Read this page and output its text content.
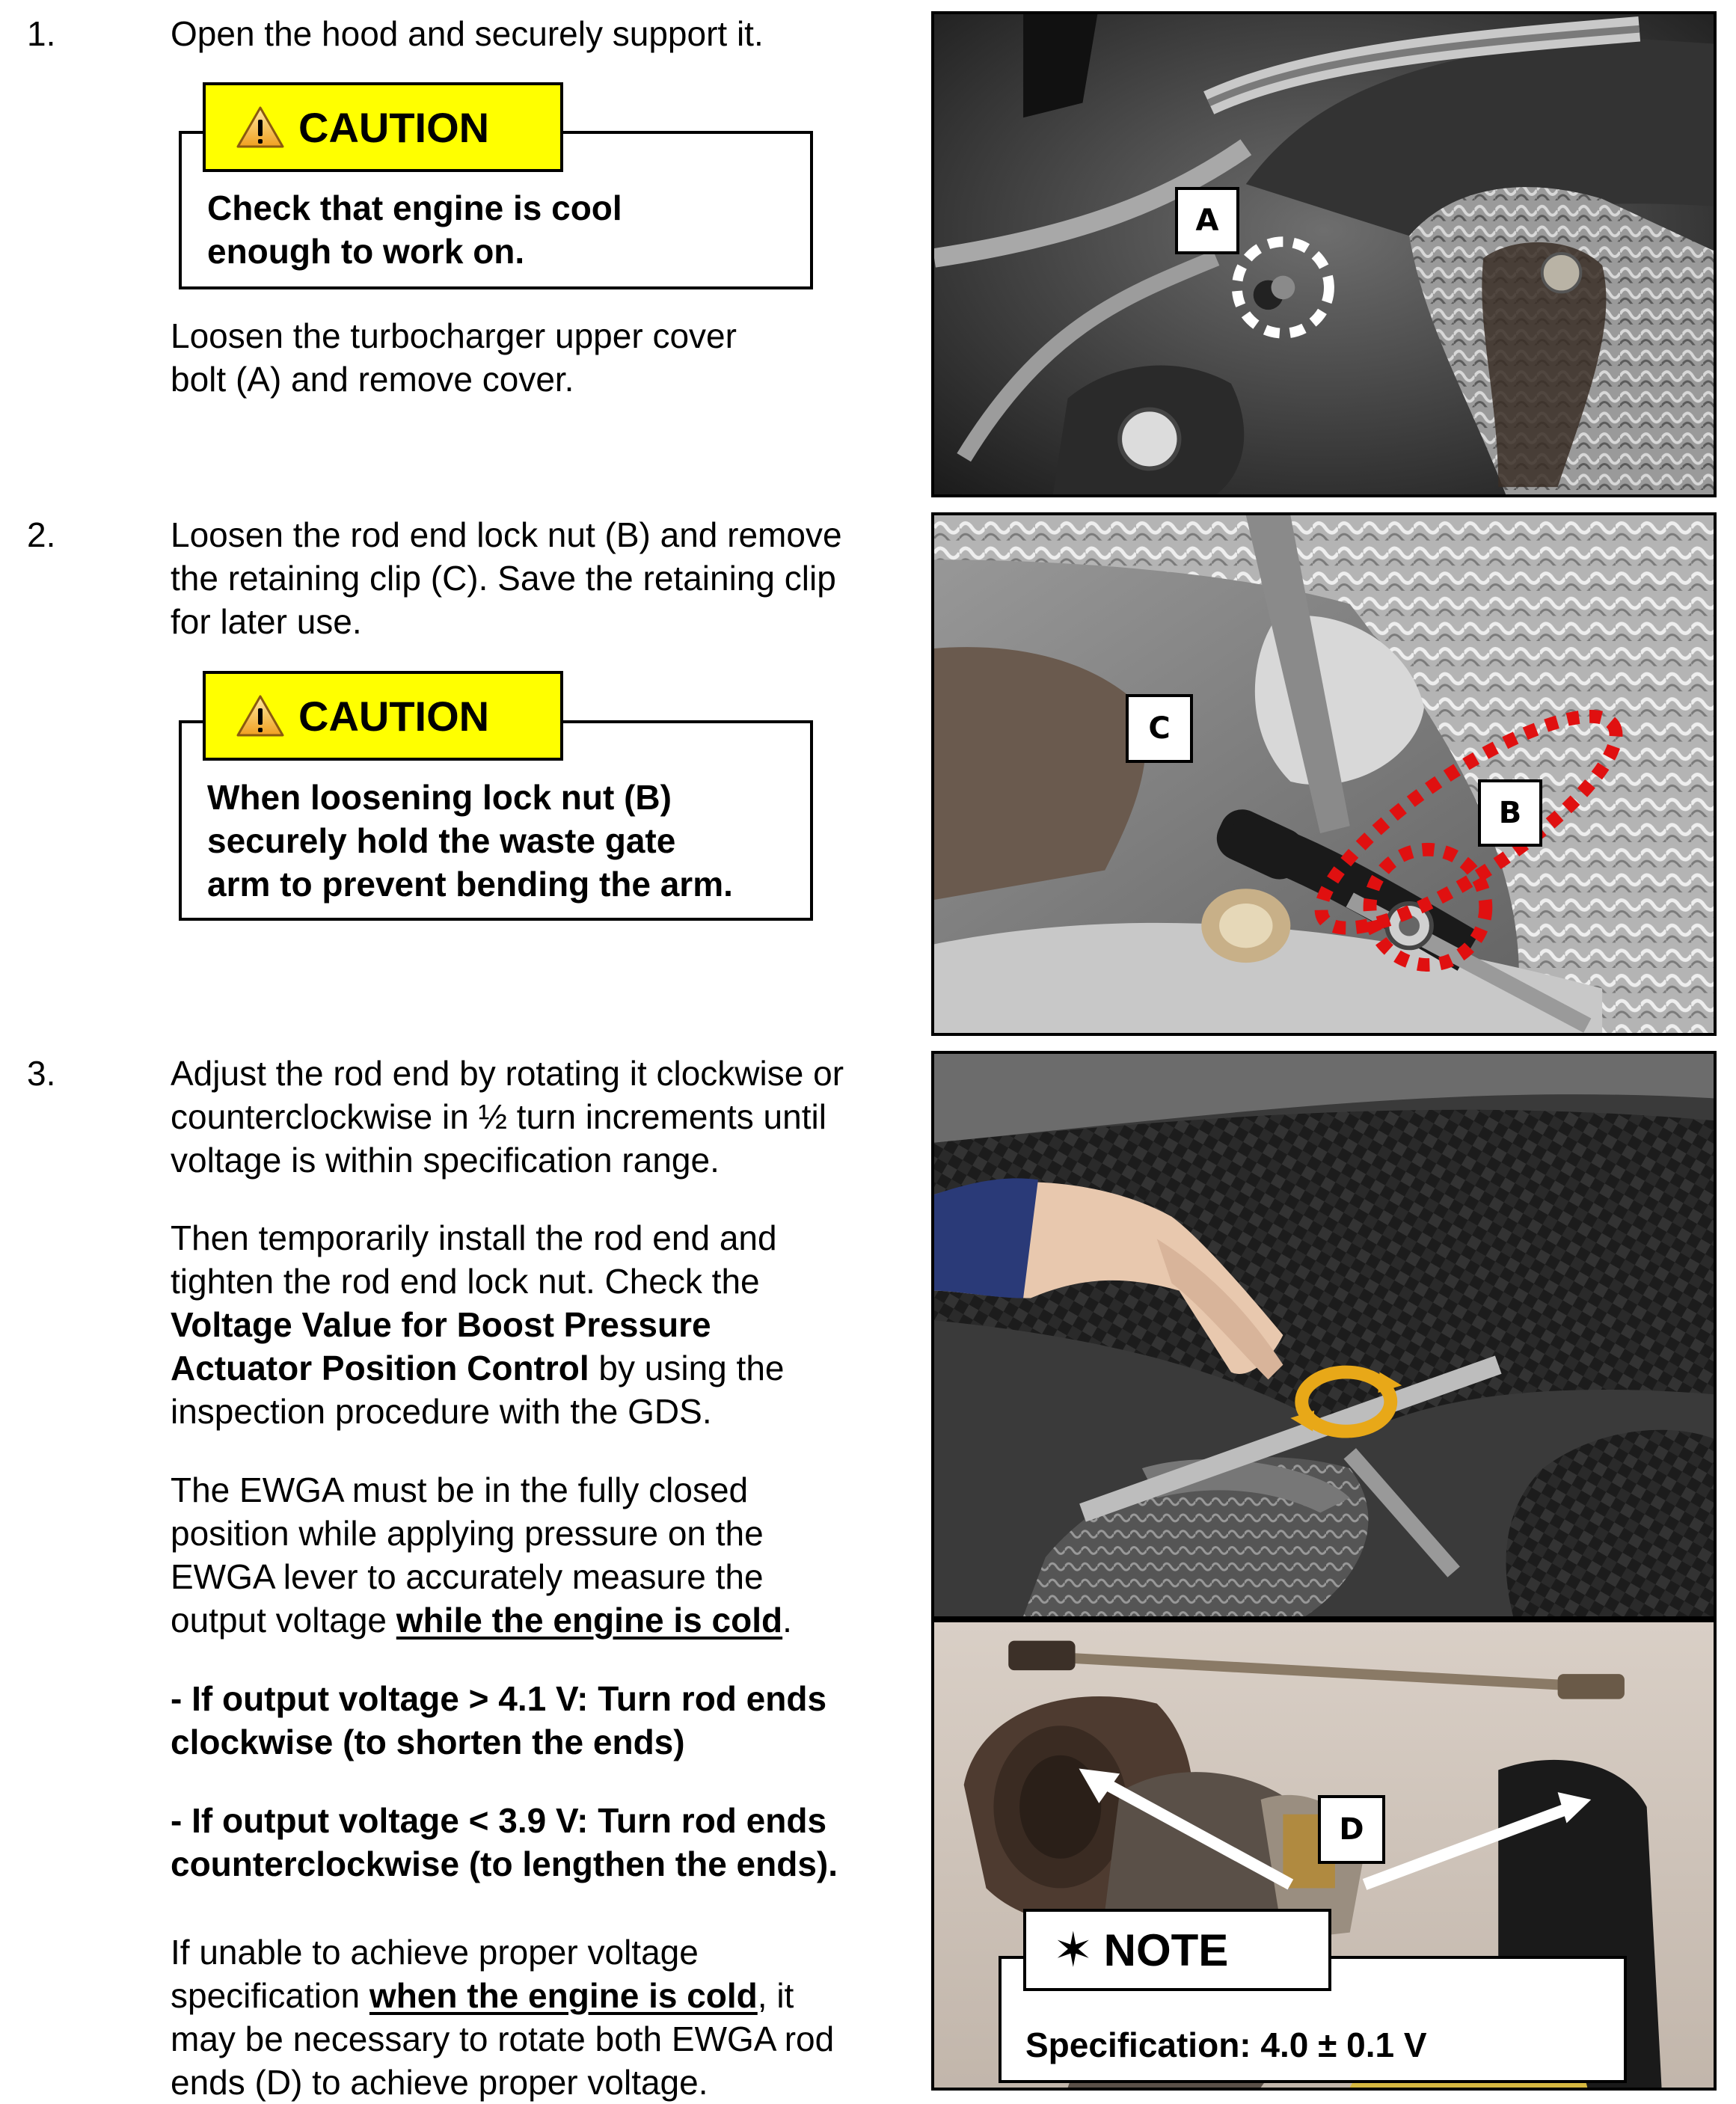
1.	Open the hood and securely support it.

Check that engine is cool
enough to work on.
CAUTION
Loosen the turbocharger upper cover
bolt (A) and remove cover.
A
2.	Loosen the rod end lock nut (B) and remove
the retaining clip (C). Save the retaining clip
for later use.
When loosening lock nut (B)
securely hold the waste gate
arm to prevent bending the arm.
CAUTION	C
B
3.	Adjust the rod end by rotating it clockwise or
counterclockwise in ½ turn increments until
voltage is within specification range.
Then temporarily install the rod end and
tighten the rod end lock nut. Check the
Voltage Value for Boost Pressure
Actuator Position Control by using the
inspection procedure with the GDS.
The EWGA must be in the fully closed
position while applying pressure on the
EWGA lever to accurately measure the
output voltage while the engine is cold.
- If output voltage > 4.1 V: Turn rod ends
clockwise (to shorten the ends)
- If output voltage < 3.9 V: Turn rod ends
counterclockwise (to lengthen the ends).
If unable to achieve proper voltage
specification when the engine is cold, it
may be necessary to rotate both EWGA rod
ends (D) to achieve proper voltage.
D
Specification: 4.0 ± 0.1 V
✶ NOTE
